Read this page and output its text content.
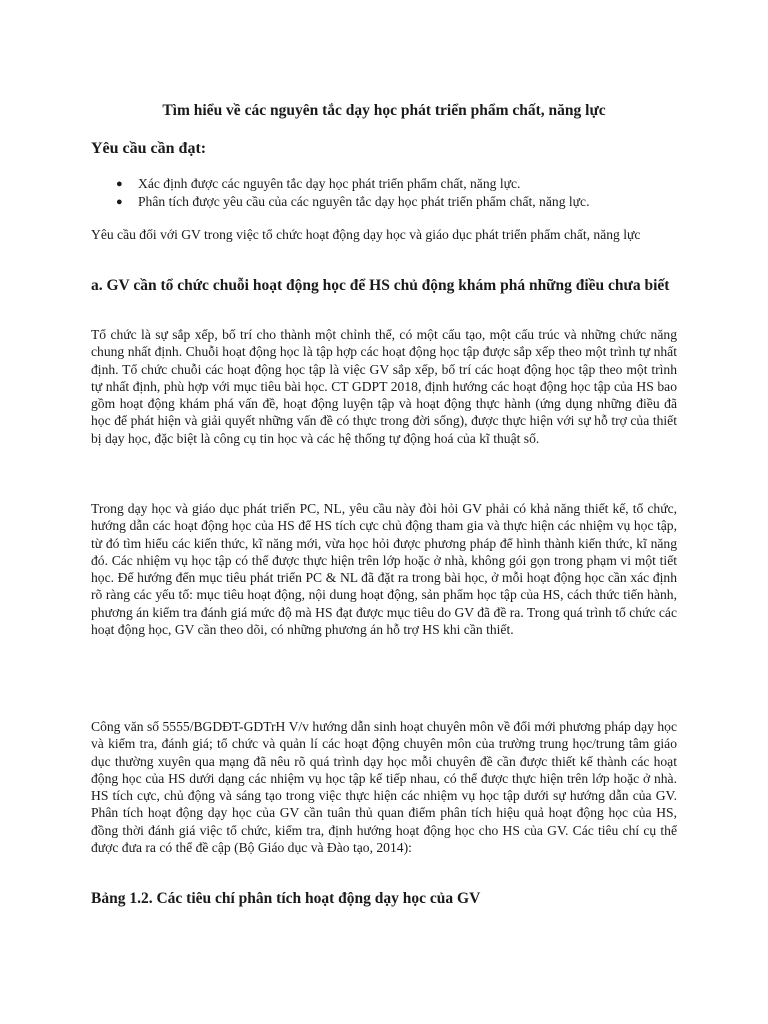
Tìm hiểu về các nguyên tắc dạy học phát triển phẩm chất, năng lực
Yêu cầu cần đạt:
● Xác định được các nguyên tắc dạy học phát triển phẩm chất, năng lực.
● Phân tích được yêu cầu của các nguyên tắc dạy học phát triển phẩm chất, năng lực.

Yêu cầu đối với GV trong việc tổ chức hoạt động dạy học và giáo dục phát triển phẩm chất, năng lực

a. GV cần tổ chức chuỗi hoạt động học để HS chủ động khám phá những điều chưa biết

Tổ chức là sự sắp xếp, bố trí cho thành một chỉnh thể, có một cấu tạo, một cấu trúc và những chức năng chung nhất định. Chuỗi hoạt động học là tập hợp các hoạt động học tập được sắp xếp theo một trình tự nhất định. Tổ chức chuỗi các hoạt động học tập là việc GV sắp xếp, bố trí các hoạt động học tập theo một trình tự nhất định, phù hợp với mục tiêu bài học. CT GDPT 2018, định hướng các hoạt động học tập của HS bao gồm hoạt động khám phá vấn đề, hoạt động luyện tập và hoạt động thực hành (ứng dụng những điều đã học để phát hiện và giải quyết những vấn đề có thực trong đời sống), được thực hiện với sự hỗ trợ của thiết bị dạy học, đặc biệt là công cụ tin học và các hệ thống tự động hoá của kĩ thuật số.

Trong dạy học và giáo dục phát triển PC, NL, yêu cầu này đòi hỏi GV phải có khả năng thiết kế, tổ chức, hướng dẫn các hoạt động học của HS để HS tích cực chủ động tham gia và thực hiện các nhiệm vụ học tập, từ đó tìm hiểu các kiến thức, kĩ năng mới, vừa học hỏi được phương pháp để hình thành kiến thức, kĩ năng đó. Các nhiệm vụ học tập có thể được thực hiện trên lớp hoặc ở nhà, không gói gọn trong phạm vi một tiết học. Để hướng đến mục tiêu phát triển PC & NL đã đặt ra trong bài học, ở mỗi hoạt động học cần xác định rõ ràng các yếu tố: mục tiêu hoạt động, nội dung hoạt động, sản phẩm học tập của HS, cách thức tiến hành, phương án kiểm tra đánh giá mức độ mà HS đạt được mục tiêu do GV đã đề ra. Trong quá trình tổ chức các hoạt động học, GV cần theo dõi, có những phương án hỗ trợ HS khi cần thiết.

Công văn số 5555/BGDĐT-GDTrH V/v hướng dẫn sinh hoạt chuyên môn về đổi mới phương pháp dạy học và kiểm tra, đánh giá; tổ chức và quản lí các hoạt động chuyên môn của trường trung học/trung tâm giáo dục thường xuyên qua mạng đã nêu rõ quá trình dạy học mỗi chuyên đề cần được thiết kế thành các hoạt động học của HS dưới dạng các nhiệm vụ học tập kế tiếp nhau, có thể được thực hiện trên lớp hoặc ở nhà. HS tích cực, chủ động và sáng tạo trong việc thực hiện các nhiệm vụ học tập dưới sự hướng dẫn của GV. Phân tích hoạt động dạy học của GV cần tuân thủ quan điểm phân tích hiệu quả hoạt động học của HS, đồng thời đánh giá việc tổ chức, kiểm tra, định hướng hoạt động học cho HS của GV. Các tiêu chí cụ thể được đưa ra có thể đề cập (Bộ Giáo dục và Đào tạo, 2014):

Bảng 1.2. Các tiêu chí phân tích hoạt động dạy học của GV
